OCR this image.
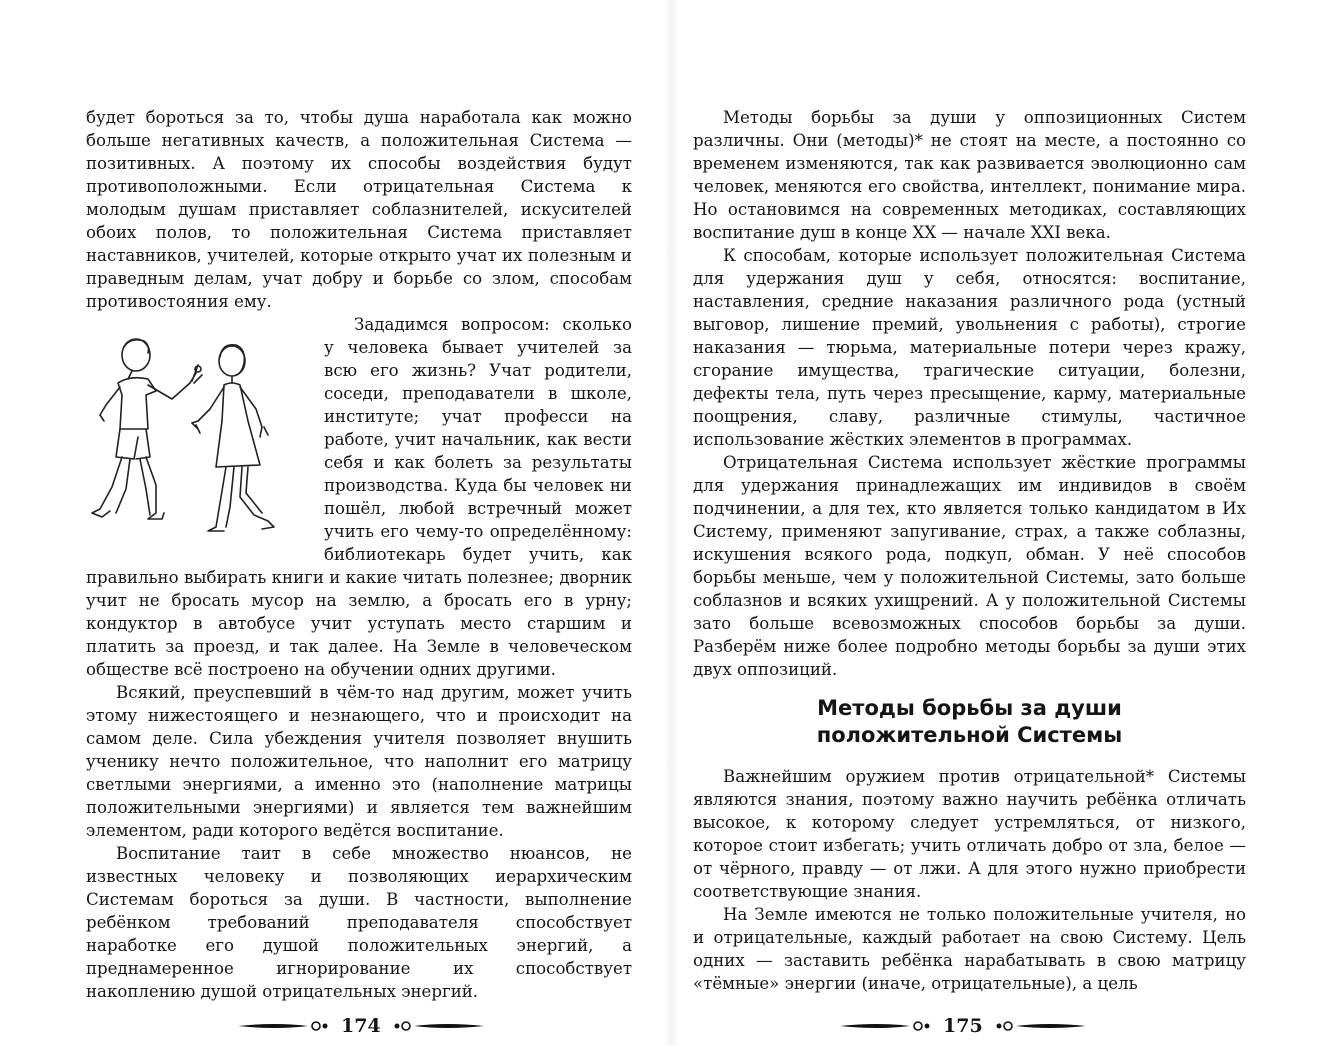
будет бороться за то, чтобы душа наработала как можно больше негативных качеств, а положительная Система — позитивных. А поэтому их способы воздействия будут противоположными. Если отрицательная Система к молодым душам приставляет соблазнителей, искусителей обоих полов, то положительная Система приставляет наставников, учителей, которые открыто учат их полезным и праведным делам, учат добру и борьбе со злом, способам противостояния ему.

Зададимся вопросом: сколько у человека бывает учителей за всю его жизнь? Учат родители, соседи, преподаватели в школе, институте; учат професси на работе, учит начальник, как вести себя и как болеть за результаты производства. Куда бы человек ни пошёл, любой встречный может учить его чему-то определённому: библиотекарь будет учить, как правильно выбирать книги и какие читать полезнее; дворник учит не бросать мусор на землю, а бросать его в урну; кондуктор в автобусе учит уступать место старшим и платить за проезд, и так далее. На Земле в человеческом обществе всё построено на обучении одних другими.

Всякий, преуспевший в чём-то над другим, может учить этому нижестоящего и незнающего, что и происходит на самом деле. Сила убеждения учителя позволяет внушить ученику нечто положительное, что наполнит его матрицу светлыми энергиями, а именно это (наполнение матрицы положительными энергиями) и является тем важнейшим элементом, ради которого ведётся воспитание.

Воспитание таит в себе множество нюансов, не известных человеку и позволяющих иерархическим Системам бороться за души. В частности, выполнение ребёнком требований преподавателя способствует наработке его душой положительных энергий, а преднамеренное игнорирование их способствует накоплению душой отрицательных энергий.

174

Методы борьбы за души у оппозиционных Систем различны. Они (методы)* не стоят на месте, а постоянно со временем изменяются, так как развивается эволюционно сам человек, меняются его свойства, интеллект, понимание мира. Но остановимся на современных методиках, составляющих воспитание душ в конце XX — начале XXI века.

К способам, которые использует положительная Система для удержания душ у себя, относятся: воспитание, наставления, средние наказания различного рода (устный выговор, лишение премий, увольнения с работы), строгие наказания — тюрьма, материальные потери через кражу, сгорание имущества, трагические ситуации, болезни, дефекты тела, путь через пресыщение, карму, материальные поощрения, славу, различные стимулы, частичное использование жёстких элементов в программах.

Отрицательная Система использует жёсткие программы для удержания принадлежащих им индивидов в своём подчинении, а для тех, кто является только кандидатом в Их Систему, применяют запугивание, страх, а также соблазны, искушения всякого рода, подкуп, обман. У неё способов борьбы меньше, чем у положительной Системы, зато больше соблазнов и всяких ухищрений. А у положительной Системы зато больше всевозможных способов борьбы за души. Разберём ниже более подробно методы борьбы за души этих двух оппозиций.

Методы борьбы за души
положительной Системы

Важнейшим оружием против отрицательной* Системы являются знания, поэтому важно научить ребёнка отличать высокое, к которому следует устремляться, от низкого, которое стоит избегать; учить отличать добро от зла, белое — от чёрного, правду — от лжи. А для этого нужно приобрести соответствующие знания.

На Земле имеются не только положительные учителя, но и отрицательные, каждый работает на свою Систему. Цель одних — заставить ребёнка нарабатывать в свою матрицу «тёмные» энергии (иначе, отрицательные), а цель

175
